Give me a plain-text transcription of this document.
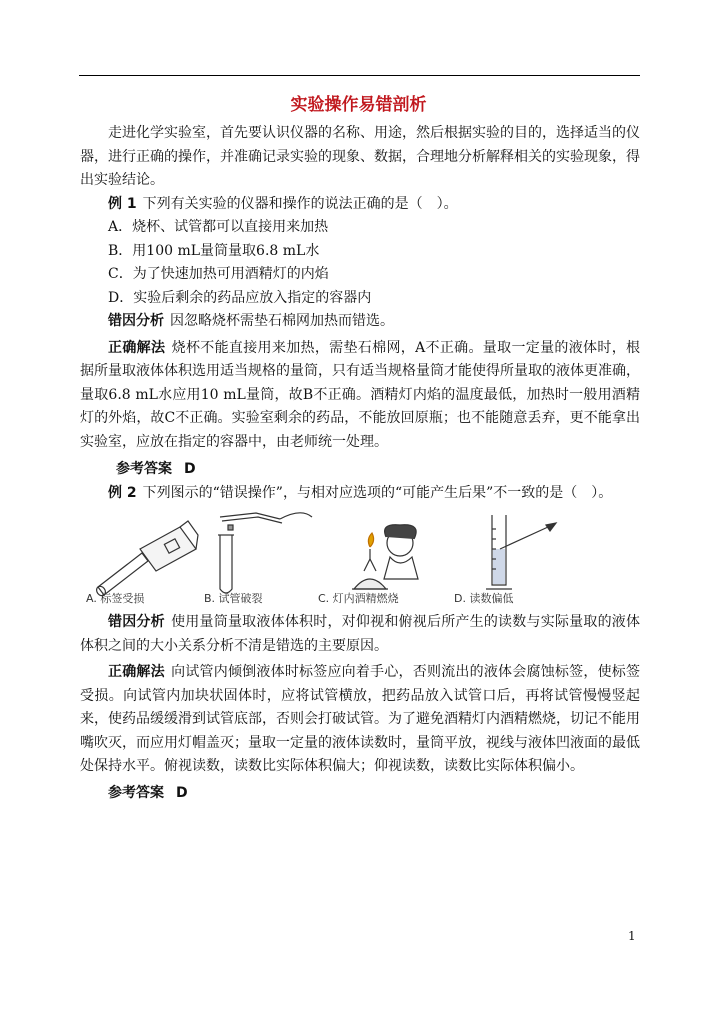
实验操作易错剖析

走进化学实验室，首先要认识仪器的名称、用途，然后根据实验的目的，选择适当的仪器，进行正确的操作，并准确记录实验的现象、数据，合理地分析解释相关的实验现象，得出实验结论。

例 1 下列有关实验的仪器和操作的说法正确的是（　）。

A．烧杯、试管都可以直接用来加热

B．用100 mL量筒量取6.8 mL水

C．为了快速加热可用酒精灯的内焰

D．实验后剩余的药品应放入指定的容器内

错因分析 因忽略烧杯需垫石棉网加热而错选。

正确解法 烧杯不能直接用来加热，需垫石棉网，A不正确。量取一定量的液体时，根据所量取液体体积选用适当规格的量筒，只有适当规格量筒才能使得所量取的液体更准确，量取6.8 mL水应用10 mL量筒，故B不正确。酒精灯内焰的温度最低，加热时一般用酒精灯的外焰，故C不正确。实验室剩余的药品，不能放回原瓶；也不能随意丢弃，更不能拿出实验室，应放在指定的容器中，由老师统一处理。

参考答案 D

例 2 下列图示的“错误操作”，与相对应选项的“可能产生后果”不一致的是（　）。

A. 标签受损	B. 试管破裂	C. 灯内酒精燃烧	D. 读数偏低

错因分析 使用量筒量取液体体积时，对仰视和俯视后所产生的读数与实际量取的液体体积之间的大小关系分析不清是错选的主要原因。

正确解法 向试管内倾倒液体时标签应向着手心，否则流出的液体会腐蚀标签，使标签受损。向试管内加块状固体时，应将试管横放，把药品放入试管口后，再将试管慢慢竖起来，使药品缓缓滑到试管底部，否则会打破试管。为了避免酒精灯内酒精燃烧，切记不能用嘴吹灭，而应用灯帽盖灭；量取一定量的液体读数时，量筒平放，视线与液体凹液面的最低处保持水平。俯视读数，读数比实际体积偏大；仰视读数，读数比实际体积偏小。

参考答案 D

1
